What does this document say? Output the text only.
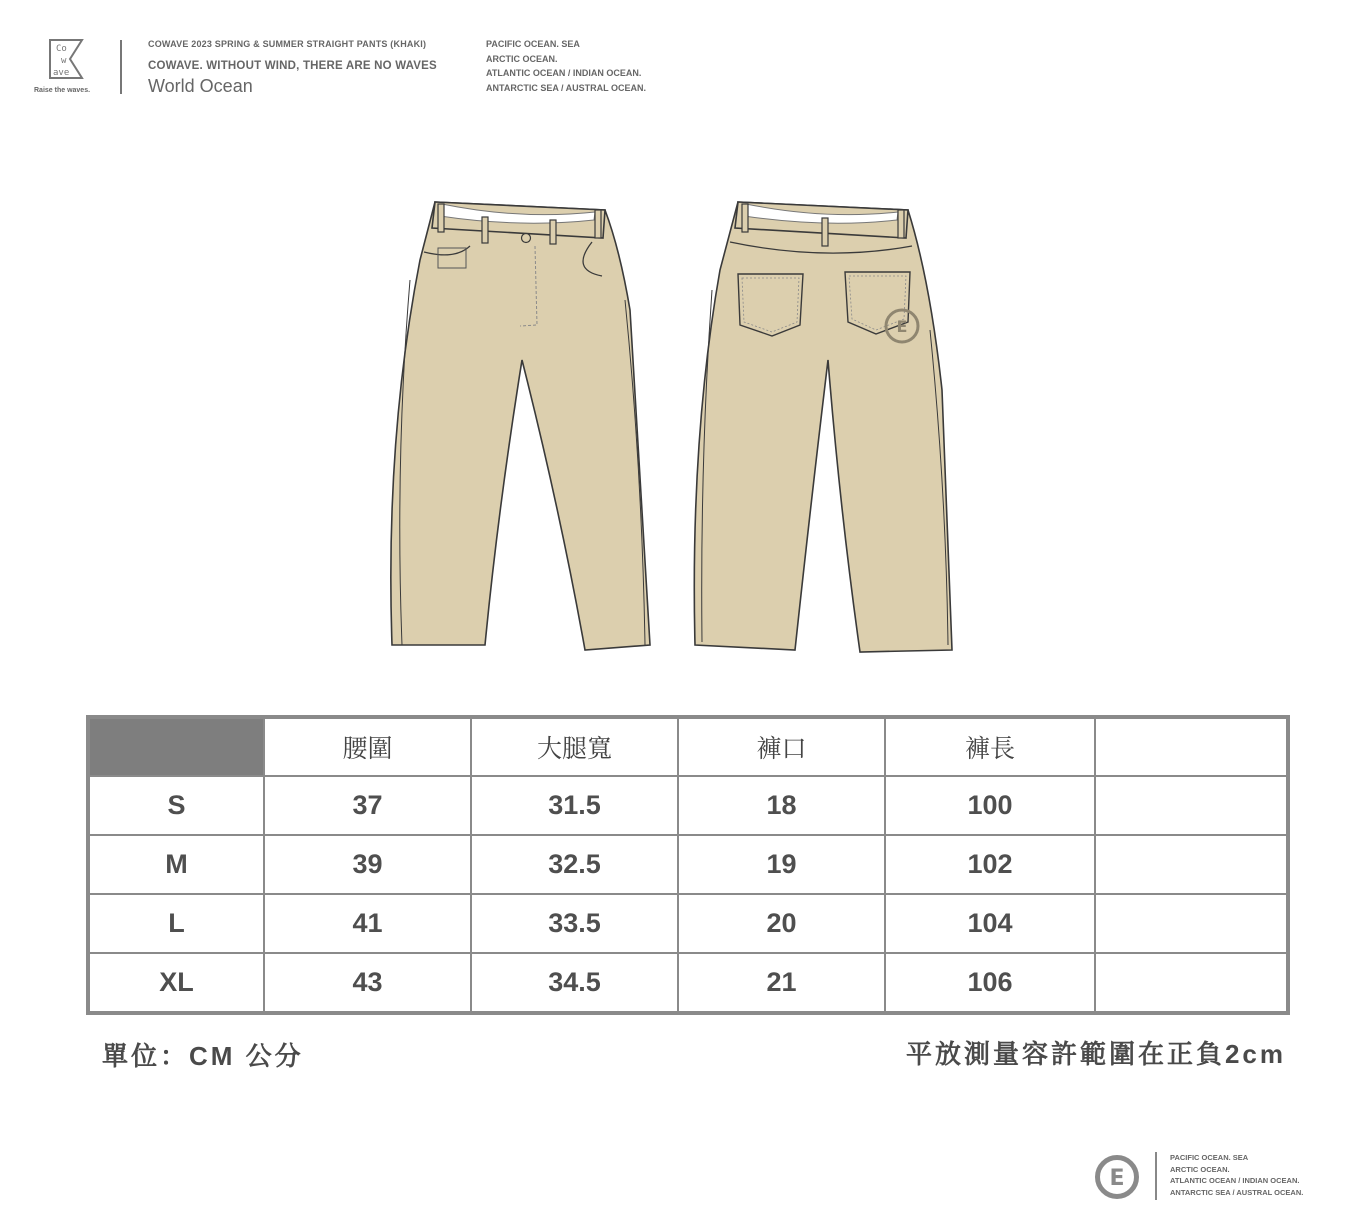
Co
w
ave
Raise the waves.
COWAVE 2023 SPRING & SUMMER STRAIGHT PANTS (KHAKI)
COWAVE. WITHOUT WIND, THERE ARE NO WAVES
World Ocean
PACIFIC OCEAN. SEA
ARCTIC OCEAN.
ATLANTIC OCEAN / INDIAN OCEAN.
ANTARCTIC SEA / AUSTRAL OCEAN.
E
	腰圍	大腿寬	褲口	褲長	
S	37	31.5	18	100	
M	39	32.5	19	102	
L	41	33.5	20	104	
XL	43	34.5	21	106	
單位：CM 公分	平放測量容許範圍在正負2cm
E
PACIFIC OCEAN. SEA
ARCTIC OCEAN.
ATLANTIC OCEAN / INDIAN OCEAN.
ANTARCTIC SEA / AUSTRAL OCEAN.
